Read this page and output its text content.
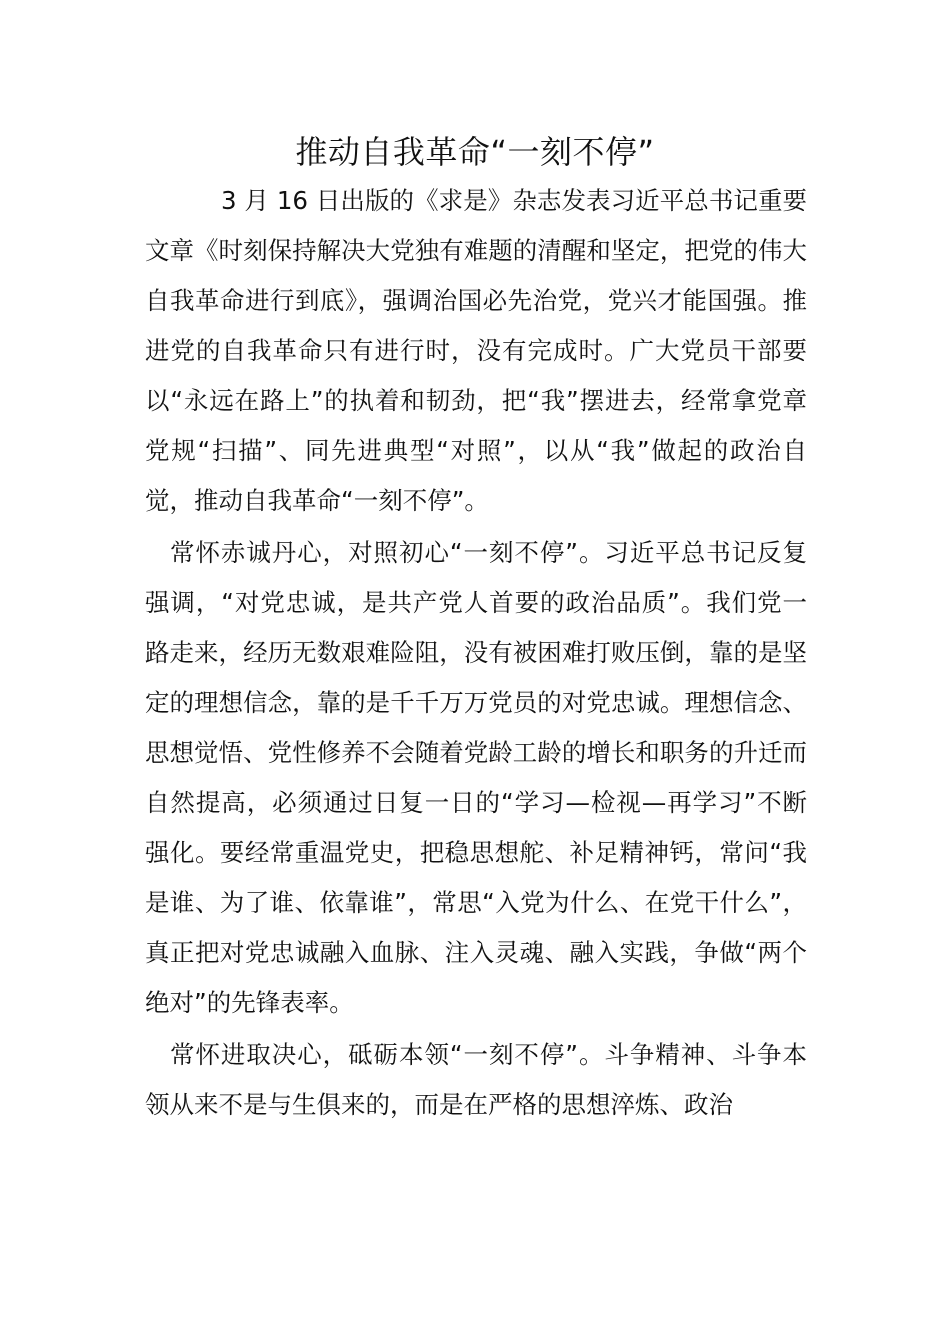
推动自我革命“一刻不停”

3 月 16 日出版的《求是》杂志发表习近平总书记重要文章《时刻保持解决大党独有难题的清醒和坚定，把党的伟大自我革命进行到底》，强调治国必先治党，党兴才能国强。推进党的自我革命只有进行时，没有完成时。广大党员干部要以“永远在路上”的执着和韧劲，把“我”摆进去，经常拿党章党规“扫描”、同先进典型“对照”，以从“我”做起的政治自觉，推动自我革命“一刻不停”。

常怀赤诚丹心，对照初心“一刻不停”。习近平总书记反复强调，“对党忠诚，是共产党人首要的政治品质”。我们党一路走来，经历无数艰难险阻，没有被困难打败压倒，靠的是坚定的理想信念，靠的是千千万万党员的对党忠诚。理想信念、思想觉悟、党性修养不会随着党龄工龄的增长和职务的升迁而自然提高，必须通过日复一日的“学习—检视—再学习”不断强化。要经常重温党史，把稳思想舵、补足精神钙，常问“我是谁、为了谁、依靠谁”，常思“入党为什么、在党干什么”，真正把对党忠诚融入血脉、注入灵魂、融入实践，争做“两个绝对”的先锋表率。

常怀进取决心，砥砺本领“一刻不停”。斗争精神、斗争本领从来不是与生俱来的，而是在严格的思想淬炼、政治
